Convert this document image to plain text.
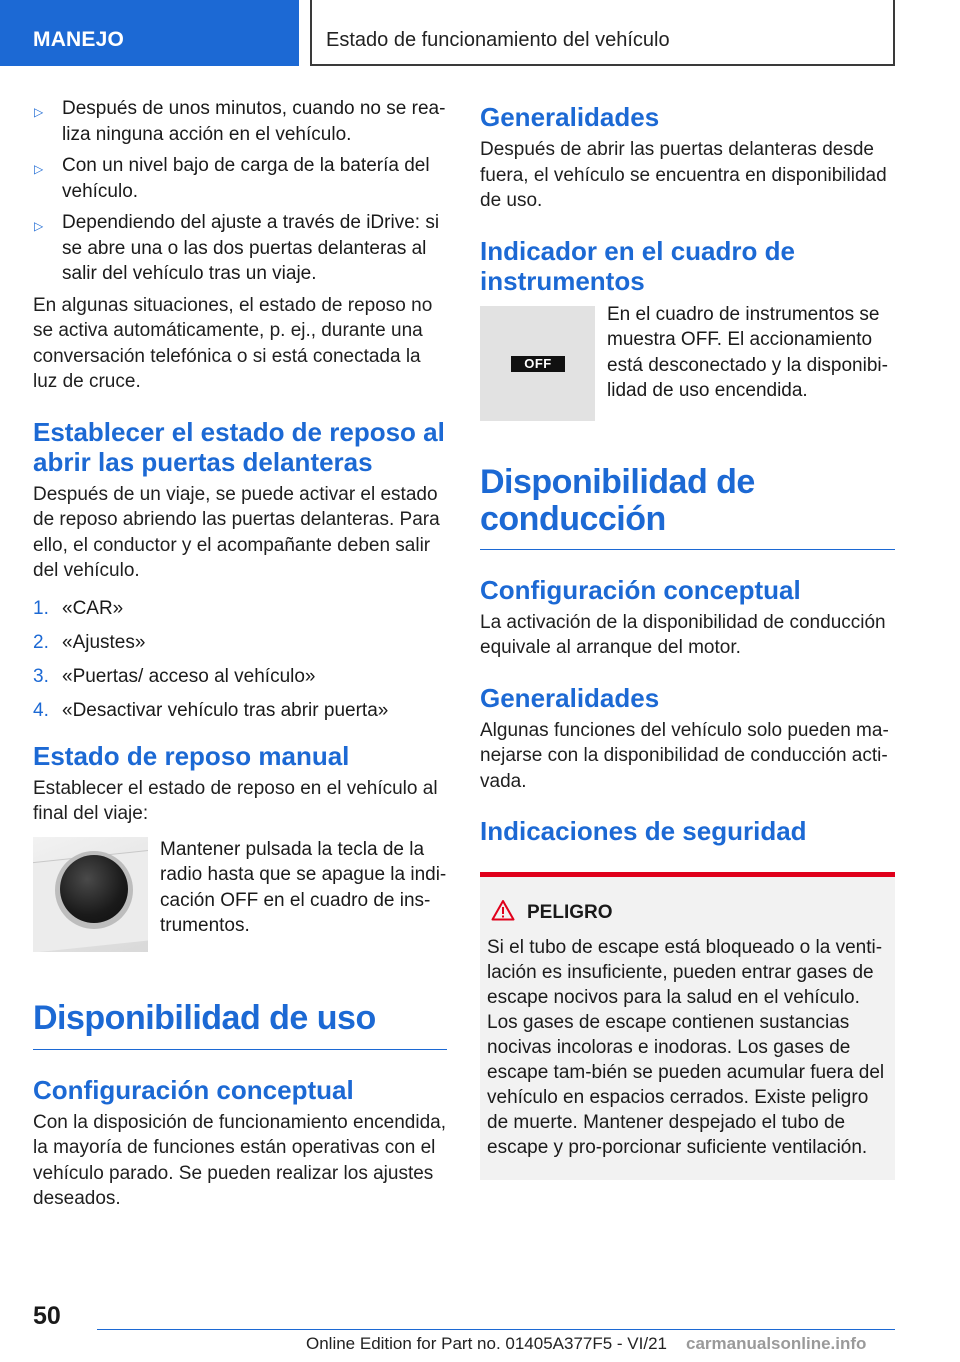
MANEJO	Estado de funcionamiento del vehículo
▷ Después de unos minutos, cuando no se rea-liza ninguna acción en el vehículo.
▷ Con un nivel bajo de carga de la batería del vehículo.
▷ Dependiendo del ajuste a través de iDrive: si se abre una o las dos puertas delanteras al salir del vehículo tras un viaje.

En algunas situaciones, el estado de reposo no se activa automáticamente, p. ej., durante una conversación telefónica o si está conectada la luz de cruce.

Establecer el estado de reposo al abrir las puertas delanteras

Después de un viaje, se puede activar el estado de reposo abriendo las puertas delanteras. Para ello, el conductor y el acompañante deben salir del vehículo.

1. «CAR»
2. «Ajustes»
3. «Puertas/ acceso al vehículo»
4. «Desactivar vehículo tras abrir puerta»
Estado de reposo manual

Establecer el estado de reposo en el vehículo al final del viaje:

Mantener pulsada la tecla de la radio hasta que se apague la indi-cación OFF en el cuadro de ins-trumentos.
Disponibilidad de uso
Configuración conceptual

Con la disposición de funcionamiento encendida, la mayoría de funciones están operativas con el vehículo parado. Se pueden realizar los ajustes deseados.

Generalidades

Después de abrir las puertas delanteras desde fuera, el vehículo se encuentra en disponibilidad de uso.

Indicador en el cuadro de instrumentos
OFF
En el cuadro de instrumentos se muestra OFF. El accionamiento está desconectado y la disponibi-lidad de uso encendida.
Disponibilidad de conducción
Configuración conceptual

La activación de la disponibilidad de conducción equivale al arranque del motor.

Generalidades

Algunas funciones del vehículo solo pueden ma-nejarse con la disponibilidad de conducción acti-vada.

Indicaciones de seguridad
PELIGRO

Si el tubo de escape está bloqueado o la venti-lación es insuficiente, pueden entrar gases de escape nocivos para la salud en el vehículo. Los gases de escape contienen sustancias nocivas incoloras e inodoras. Los gases de escape tam-bién se pueden acumular fuera del vehículo en espacios cerrados. Existe peligro de muerte. Mantener despejado el tubo de escape y pro-porcionar suficiente ventilación.

50
Online Edition for Part no. 01405A377F5 - VI/21 carmanualsonline.info
